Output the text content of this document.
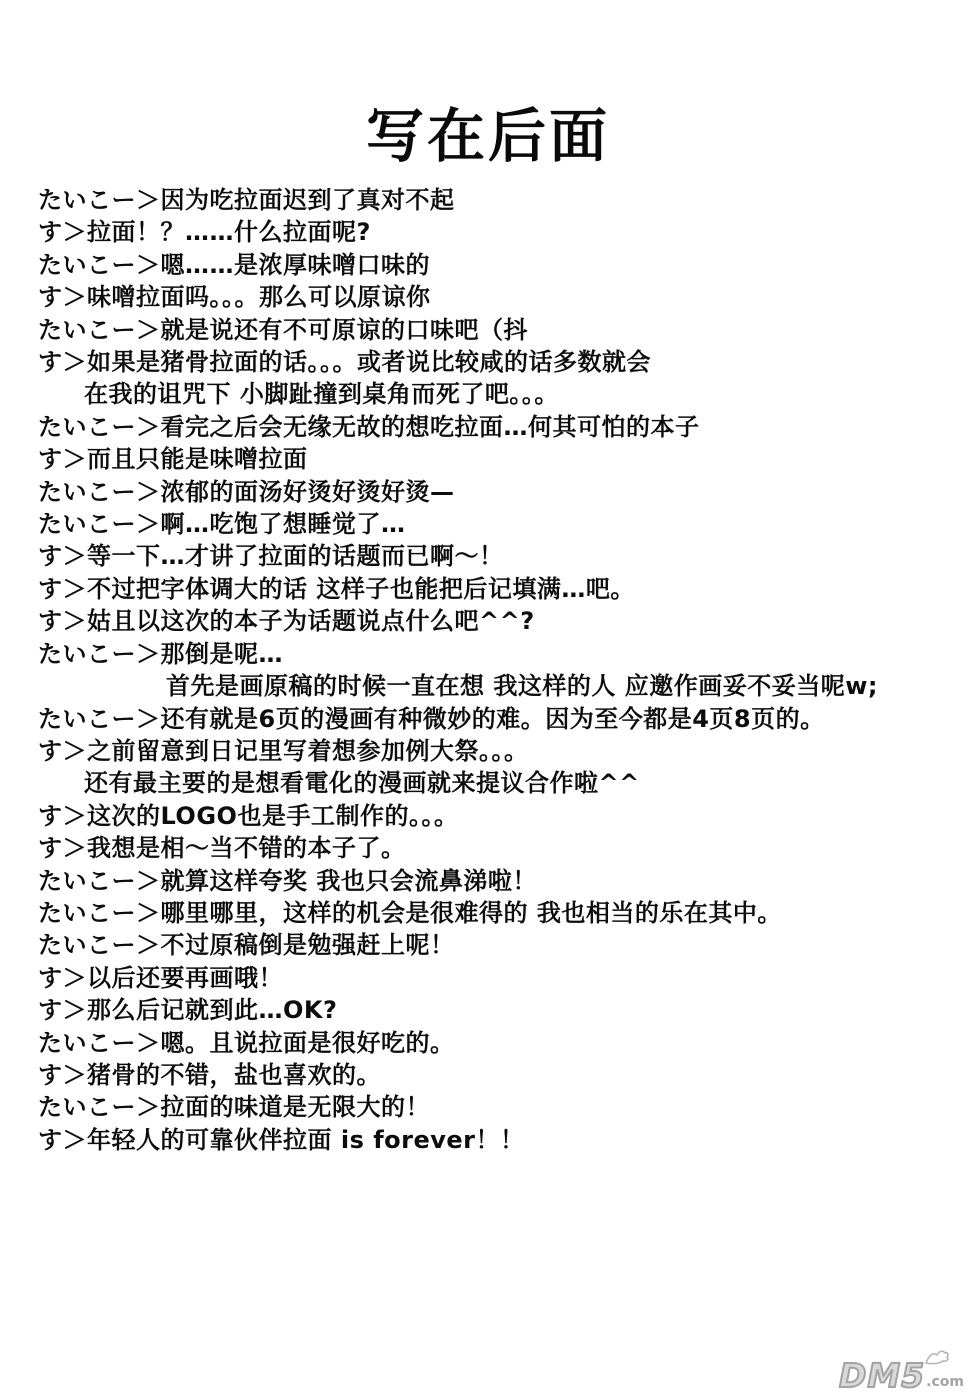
写在后面

たいこー＞因为吃拉面迟到了真对不起

す＞拉面！？……什么拉面呢?

たいこー＞嗯……是浓厚味噌口味的

す＞味噌拉面吗。。。那么可以原谅你

たいこー＞就是说还有不可原谅的口味吧（抖

す＞如果是猪骨拉面的话。。。或者说比较咸的话多数就会

在我的诅咒下 小脚趾撞到桌角而死了吧。。。

たいこー＞看完之后会无缘无故的想吃拉面…何其可怕的本子

す＞而且只能是味噌拉面

たいこー＞浓郁的面汤好烫好烫好烫—

たいこー＞啊…吃饱了想睡觉了…

す＞等一下…才讲了拉面的话题而已啊～！

す＞不过把字体调大的话 这样子也能把后记填满…吧。

す＞姑且以这次的本子为话题说点什么吧^^?

たいこー＞那倒是呢…

首先是画原稿的时候一直在想 我这样的人 应邀作画妥不妥当呢w;

たいこー＞还有就是6页的漫画有种微妙的难。因为至今都是4页8页的。

す＞之前留意到日记里写着想参加例大祭。。。

还有最主要的是想看電化的漫画就来提议合作啦^^

す＞这次的LOGO也是手工制作的。。。

す＞我想是相～当不错的本子了。

たいこー＞就算这样夸奖 我也只会流鼻涕啦！

たいこー＞哪里哪里，这样的机会是很难得的 我也相当的乐在其中。

たいこー＞不过原稿倒是勉强赶上呢！

す＞以后还要再画哦！

す＞那么后记就到此…OK?

たいこー＞嗯。且说拉面是很好吃的。

す＞猪骨的不错，盐也喜欢的。

たいこー＞拉面的味道是无限大的！

す＞年轻人的可靠伙伴拉面 is forever！！

DM5 .com
